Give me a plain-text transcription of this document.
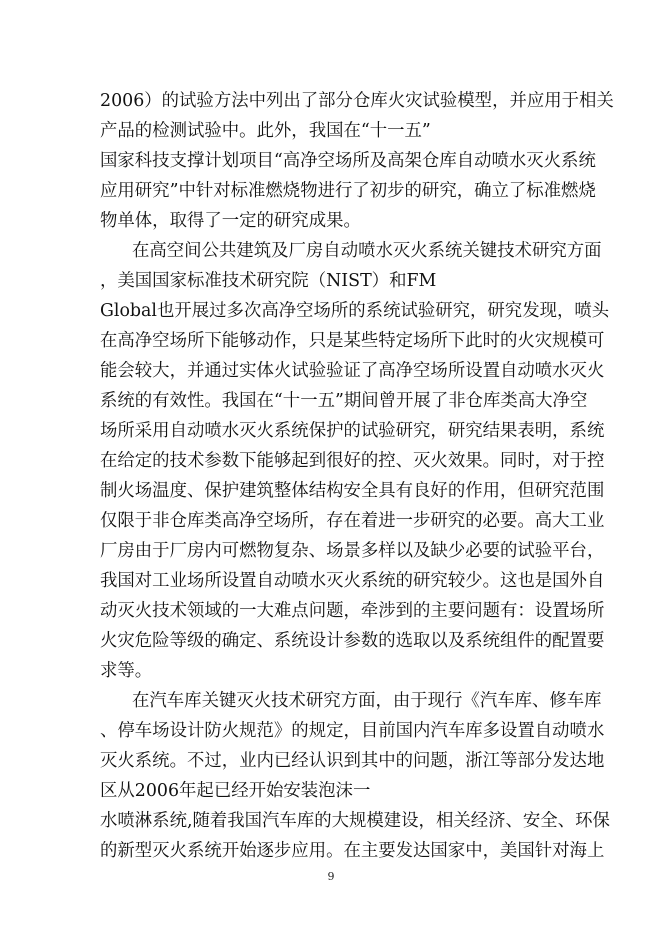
2006）的试验方法中列出了部分仓库火灾试验模型，并应用于相关
产品的检测试验中。此外，我国在“十一五”
国家科技支撑计划项目“高净空场所及高架仓库自动喷水灭火系统
应用研究”中针对标准燃烧物进行了初步的研究，确立了标准燃烧
物单体，取得了一定的研究成果。
在高空间公共建筑及厂房自动喷水灭火系统关键技术研究方面
，美国国家标准技术研究院（NIST）和FM
Global也开展过多次高净空场所的系统试验研究，研究发现，喷头
在高净空场所下能够动作，只是某些特定场所下此时的火灾规模可
能会较大，并通过实体火试验验证了高净空场所设置自动喷水灭火
系统的有效性。我国在“十一五”期间曾开展了非仓库类高大净空
场所采用自动喷水灭火系统保护的试验研究，研究结果表明，系统
在给定的技术参数下能够起到很好的控、灭火效果。同时，对于控
制火场温度、保护建筑整体结构安全具有良好的作用，但研究范围
仅限于非仓库类高净空场所，存在着进一步研究的必要。高大工业
厂房由于厂房内可燃物复杂、场景多样以及缺少必要的试验平台，
我国对工业场所设置自动喷水灭火系统的研究较少。这也是国外自
动灭火技术领域的一大难点问题，牵涉到的主要问题有：设置场所
火灾危险等级的确定、系统设计参数的选取以及系统组件的配置要
求等。
在汽车库关键灭火技术研究方面，由于现行《汽车库、修车库
、停车场设计防火规范》的规定，目前国内汽车库多设置自动喷水
灭火系统。不过，业内已经认识到其中的问题，浙江等部分发达地
区从2006年起已经开始安装泡沫一
水喷淋系统,随着我国汽车库的大规模建设，相关经济、安全、环保
的新型灭火系统开始逐步应用。在主要发达国家中，美国针对海上
9
